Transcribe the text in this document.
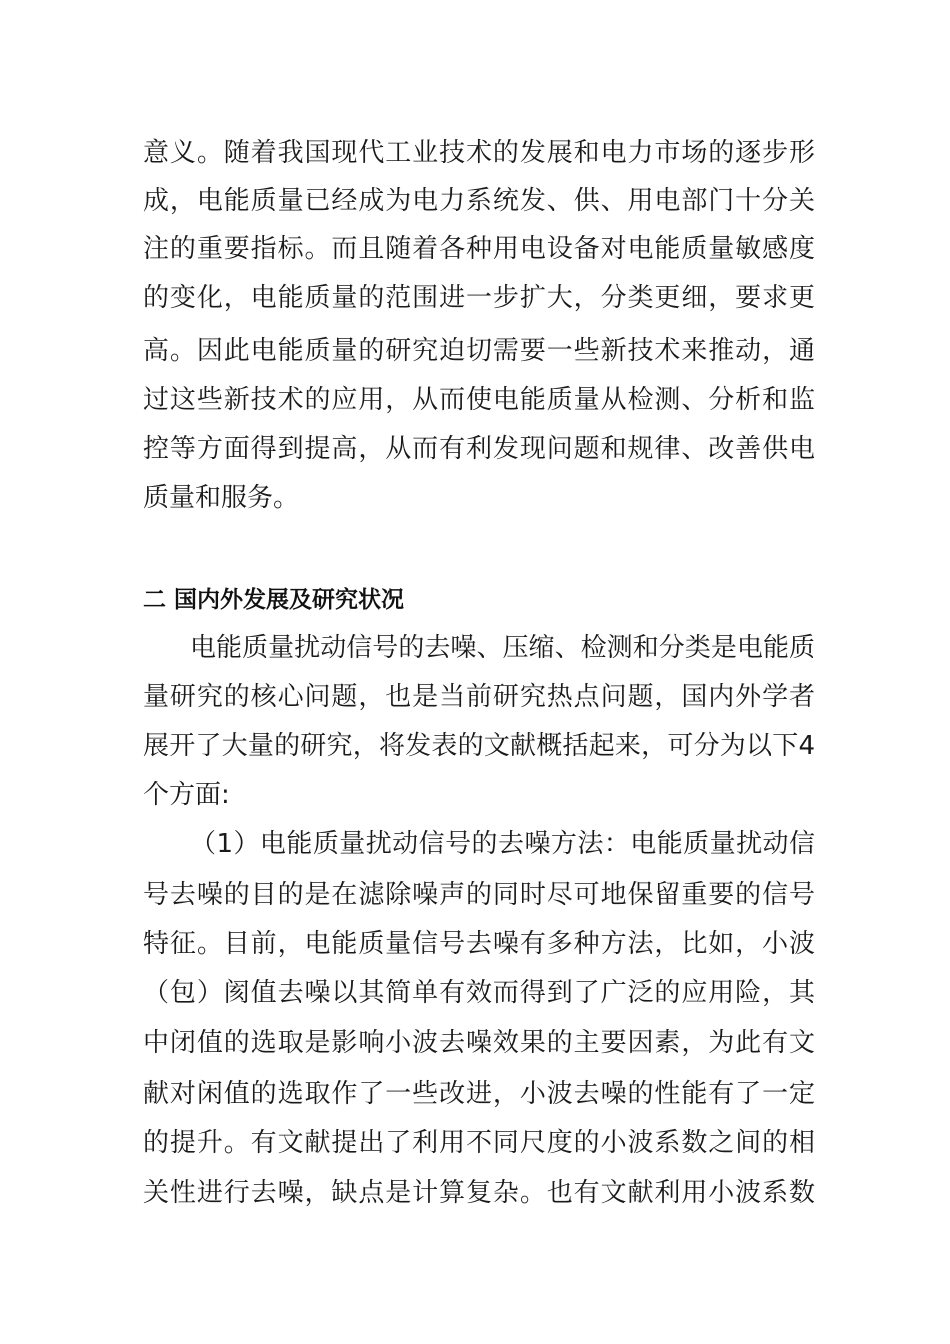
意义。随着我国现代工业技术的发展和电力市场的逐步形
成，电能质量已经成为电力系统发、供、用电部门十分关
注的重要指标。而且随着各种用电设备对电能质量敏感度
的变化，电能质量的范围进一步扩大，分类更细，要求更
高。因此电能质量的研究迫切需要一些新技术来推动，通
过这些新技术的应用，从而使电能质量从检测、分析和监
控等方面得到提高，从而有利发现问题和规律、改善供电
质量和服务。
二 国内外发展及研究状况
电能质量扰动信号的去噪、压缩、检测和分类是电能质
量研究的核心问题，也是当前研究热点问题，国内外学者
展开了大量的研究，将发表的文献概括起来，可分为以下4
个方面:
（1）电能质量扰动信号的去噪方法：电能质量扰动信
号去噪的目的是在滤除噪声的同时尽可地保留重要的信号
特征。目前，电能质量信号去噪有多种方法，比如，小波
（包）阂值去噪以其简单有效而得到了广泛的应用险，其
中闭值的选取是影响小波去噪效果的主要因素，为此有文
献对闲值的选取作了一些改进，小波去噪的性能有了一定
的提升。有文献提出了利用不同尺度的小波系数之间的相
关性进行去噪，缺点是计算复杂。也有文献利用小波系数
